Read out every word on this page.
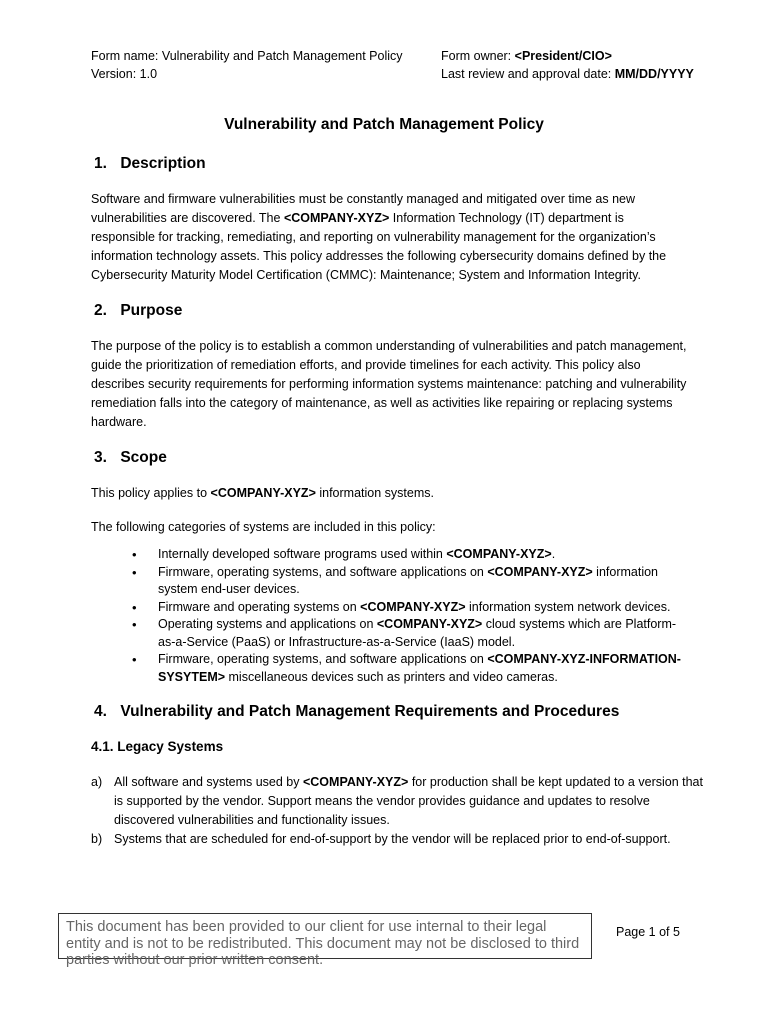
Form name: Vulnerability and Patch Management Policy
Version: 1.0
Form owner: <President/CIO>
Last review and approval date: MM/DD/YYYY
Vulnerability and Patch Management Policy
1. Description
Software and firmware vulnerabilities must be constantly managed and mitigated over time as new vulnerabilities are discovered. The <COMPANY-XYZ> Information Technology (IT) department is responsible for tracking, remediating, and reporting on vulnerability management for the organization’s information technology assets. This policy addresses the following cybersecurity domains defined by the Cybersecurity Maturity Model Certification (CMMC): Maintenance; System and Information Integrity.
2. Purpose
The purpose of the policy is to establish a common understanding of vulnerabilities and patch management, guide the prioritization of remediation efforts, and provide timelines for each activity. This policy also describes security requirements for performing information systems maintenance: patching and vulnerability remediation falls into the category of maintenance, as well as activities like repairing or replacing systems hardware.
3. Scope
This policy applies to <COMPANY-XYZ> information systems.
The following categories of systems are included in this policy:
• Internally developed software programs used within <COMPANY-XYZ>.
• Firmware, operating systems, and software applications on <COMPANY-XYZ> information system end-user devices.
• Firmware and operating systems on <COMPANY-XYZ> information system network devices.
• Operating systems and applications on <COMPANY-XYZ> cloud systems which are Platform-as-a-Service (PaaS) or Infrastructure-as-a-Service (IaaS) model.
• Firmware, operating systems, and software applications on <COMPANY-XYZ-INFORMATION-SYSYTEM> miscellaneous devices such as printers and video cameras.
4. Vulnerability and Patch Management Requirements and Procedures
4.1. Legacy Systems
a) All software and systems used by <COMPANY-XYZ> for production shall be kept updated to a version that is supported by the vendor. Support means the vendor provides guidance and updates to resolve discovered vulnerabilities and functionality issues.
b) Systems that are scheduled for end-of-support by the vendor will be replaced prior to end-of-support.
This document has been provided to our client for use internal to their legal entity and is not to be redistributed. This document may not be disclosed to third parties without our prior written consent.
Page 1 of 5
